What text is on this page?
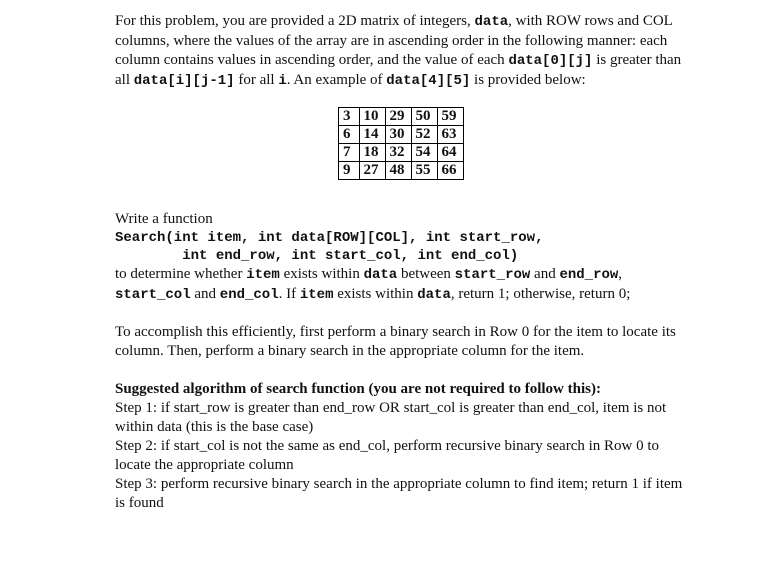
For this problem, you are provided a 2D matrix of integers, data, with ROW rows and COL columns, where the values of the array are in ascending order in the following manner: each column contains values in ascending order, and the value of each data[0][j] is greater than all data[i][j-1] for all i. An example of data[4][5] is provided below:

3	10	29	50	59
6	14	30	52	63
7	18	32	54	64
9	27	48	55	66

Write a function

Search(int item, int data[ROW][COL], int start_row,
int end_row, int start_col, int end_col)

to determine whether item exists within data between start_row and end_row, start_col and end_col. If item exists within data, return 1; otherwise, return 0;

To accomplish this efficiently, first perform a binary search in Row 0 for the item to locate its column. Then, perform a binary search in the appropriate column for the item.

Suggested algorithm of search function (you are not required to follow this):

Step 1: if start_row is greater than end_row OR start_col is greater than end_col, item is not within data (this is the base case)

Step 2: if start_col is not the same as end_col, perform recursive binary search in Row 0 to locate the appropriate column

Step 3: perform recursive binary search in the appropriate column to find item; return 1 if item is found
